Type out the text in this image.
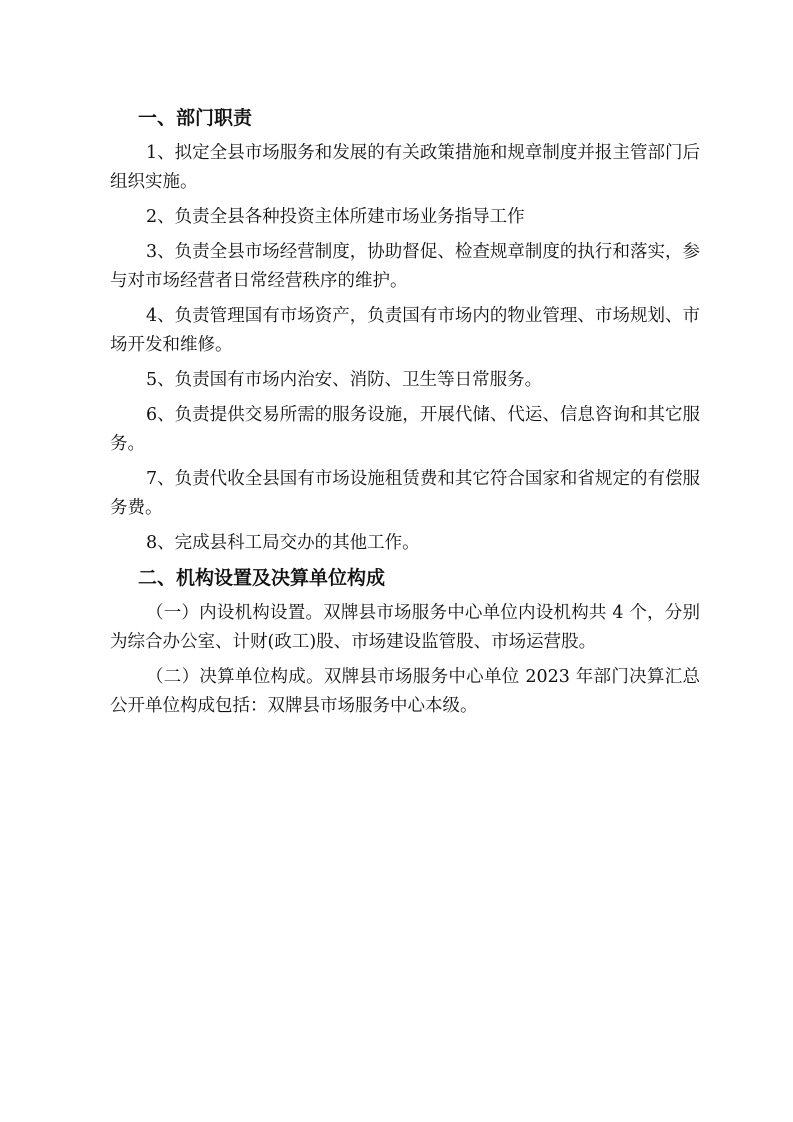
一、部门职责

1、拟定全县市场服务和发展的有关政策措施和规章制度并报主管部门后组织实施。

2、负责全县各种投资主体所建市场业务指导工作

3、负责全县市场经营制度，协助督促、检查规章制度的执行和落实，参与对市场经营者日常经营秩序的维护。

4、负责管理国有市场资产，负责国有市场内的物业管理、市场规划、市场开发和维修。

5、负责国有市场内治安、消防、卫生等日常服务。

6、负责提供交易所需的服务设施，开展代储、代运、信息咨询和其它服务。

7、负责代收全县国有市场设施租赁费和其它符合国家和省规定的有偿服务费。

8、完成县科工局交办的其他工作。

二、机构设置及决算单位构成

（一）内设机构设置。双牌县市场服务中心单位内设机构共 4 个，分别为综合办公室、计财(政工)股、市场建设监管股、市场运营股。

（二）决算单位构成。双牌县市场服务中心单位 2023 年部门决算汇总公开单位构成包括：双牌县市场服务中心本级。
